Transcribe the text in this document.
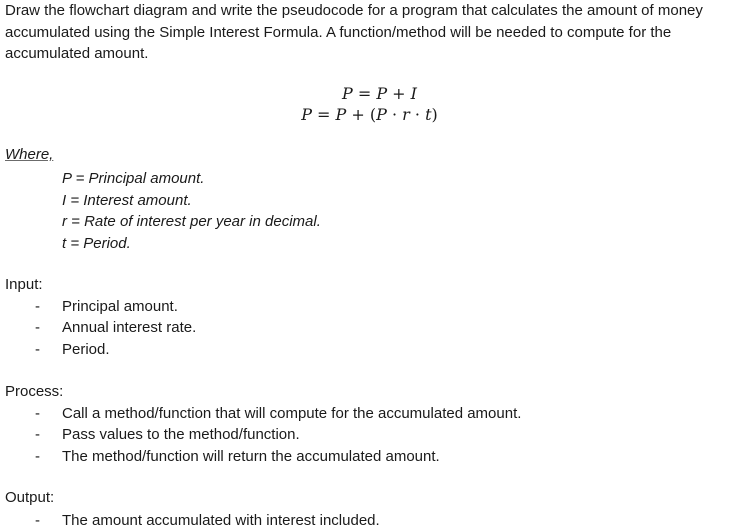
Draw the flowchart diagram and write the pseudocode for a program that calculates the amount of money accumulated using the Simple Interest Formula. A function/method will be needed to compute for the accumulated amount.

P = P + I
P = P + (P · r · t)
Where,
P = Principal amount.
I = Interest amount.
r = Rate of interest per year in decimal.
t = Period.
Input:
- Principal amount.
- Annual interest rate.
- Period.
Process:
- Call a method/function that will compute for the accumulated amount.
- Pass values to the method/function.
- The method/function will return the accumulated amount.
Output:
- The amount accumulated with interest included.
